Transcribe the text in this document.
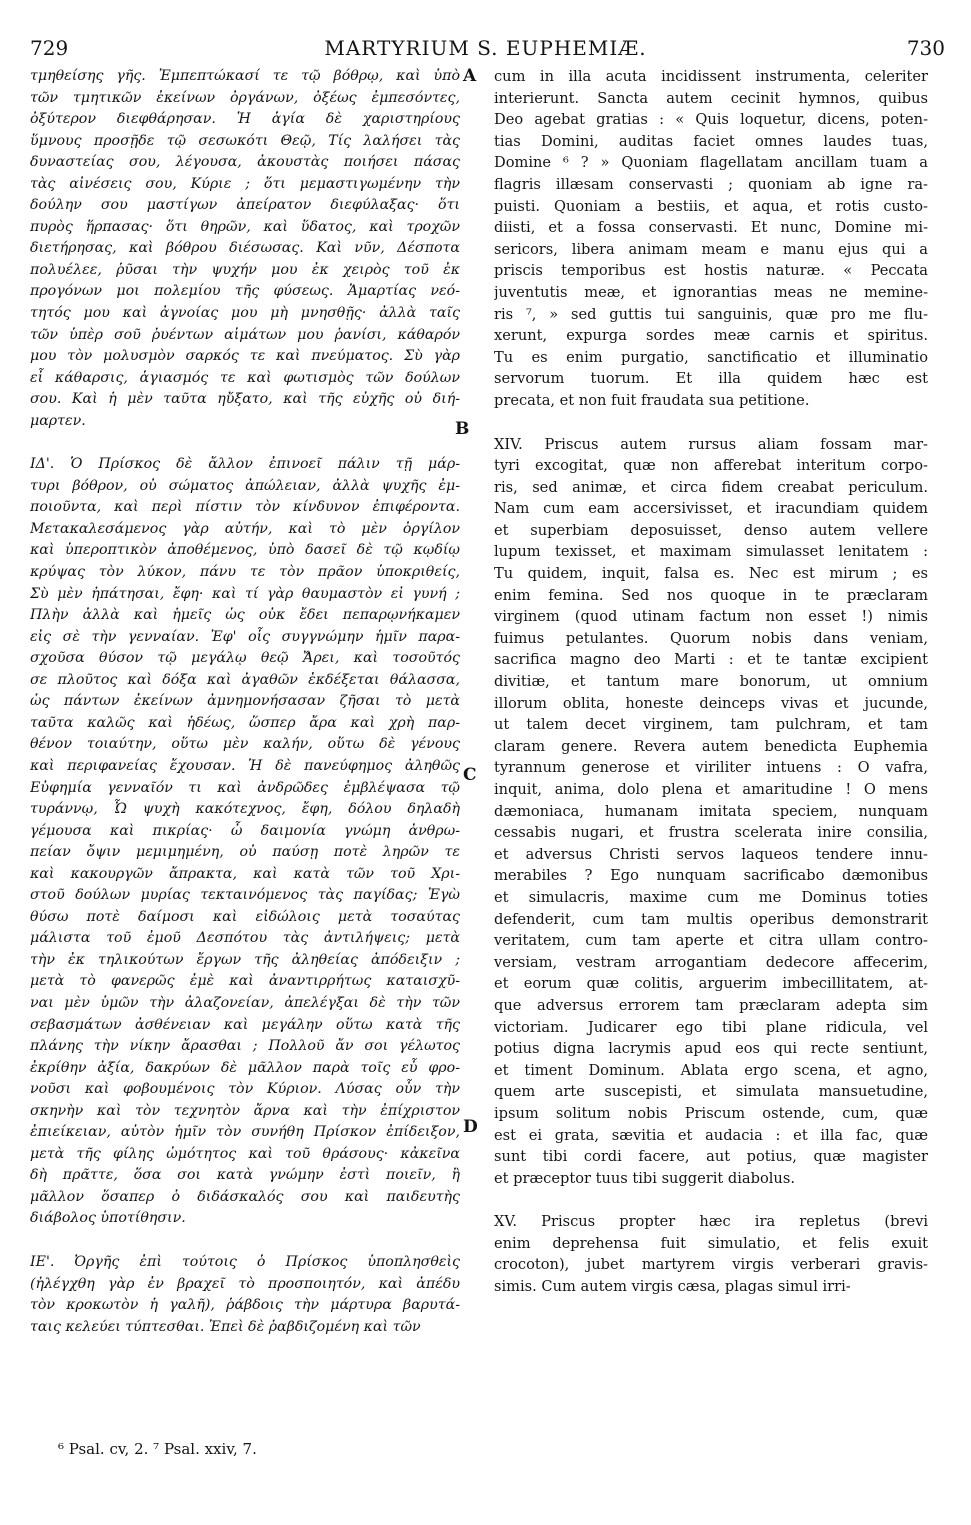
729	MARTYRIUM S. EUPHEMIÆ.	730
τμηθείσης γῆς. Ἐμπεπτώκασί τε τῷ βόθρῳ, καὶ ὑπὸ
τῶν τμητικῶν ἐκείνων ὀργάνων, ὀξέως ἐμπεσόντες,
ὀξύτερον διεφθάρησαν. Ἡ ἁγία δὲ χαριστηρίους
ὕμνους προσῇδε τῷ σεσωκότι Θεῷ, Τίς λαλήσει τὰς
δυναστείας σου, λέγουσα, ἀκουστὰς ποιήσει πάσας
τὰς αἰνέσεις σου, Κύριε ; ὅτι μεμαστιγωμένην τὴν
δούλην σου μαστίγων ἀπείρατον διεφύλαξας· ὅτι
πυρὸς ἥρπασας· ὅτι θηρῶν, καὶ ὕδατος, καὶ τροχῶν
διετήρησας, καὶ βόθρου διέσωσας. Καὶ νῦν, Δέσποτα
πολυέλεε, ῥῦσαι τὴν ψυχήν μου ἐκ χειρὸς τοῦ ἐκ
προγόνων μοι πολεμίου τῆς φύσεως. Ἁμαρτίας νεό-
τητός μου καὶ ἀγνοίας μου μὴ μνησθῇς· ἀλλὰ ταῖς
τῶν ὑπὲρ σοῦ ῥυέντων αἱμάτων μου ῥανίσι, κάθαρόν
μου τὸν μολυσμὸν σαρκός τε καὶ πνεύματος. Σὺ γὰρ
εἶ κάθαρσις, ἁγιασμός τε καὶ φωτισμὸς τῶν δούλων
σου. Καὶ ἡ μὲν ταῦτα ηὔξατο, καὶ τῆς εὐχῆς οὐ διή-
μαρτεν.
ΙΔ'. Ὁ Πρίσκος δὲ ἄλλον ἐπινοεῖ πάλιν τῇ μάρ-
τυρι βόθρον, οὐ σώματος ἀπώλειαν, ἀλλὰ ψυχῆς ἐμ-
ποιοῦντα, καὶ περὶ πίστιν τὸν κίνδυνον ἐπιφέροντα.
Μετακαλεσάμενος γὰρ αὐτήν, καὶ τὸ μὲν ὀργίλον
καὶ ὑπεροπτικὸν ἀποθέμενος, ὑπὸ δασεῖ δὲ τῷ κῳδίῳ
κρύψας τὸν λύκον, πάνυ τε τὸν πρᾶον ὑποκριθείς,
Σὺ μὲν ἠπάτησαι, ἔφη· καὶ τί γὰρ θαυμαστὸν εἰ γυνή ;
Πλὴν ἀλλὰ καὶ ἡμεῖς ὡς οὐκ ἔδει πεπαρῳνήκαμεν
εἰς σὲ τὴν γενναίαν. Ἐφ' οἷς συγγνώμην ἡμῖν παρα-
σχοῦσα θύσον τῷ μεγάλῳ θεῷ Ἄρει, καὶ τοσοῦτός
σε πλοῦτος καὶ δόξα καὶ ἀγαθῶν ἐκδέξεται θάλασσα,
ὡς πάντων ἐκείνων ἀμνημονήσασαν ζῆσαι τὸ μετὰ
ταῦτα καλῶς καὶ ἡδέως, ὥσπερ ἄρα καὶ χρὴ παρ-
θένον τοιαύτην, οὕτω μὲν καλήν, οὕτω δὲ γένους
καὶ περιφανείας ἔχουσαν. Ἡ δὲ πανεύφημος ἀληθῶς
Εὐφημία γενναῖόν τι καὶ ἀνδρῶδες ἐμβλέψασα τῷ
τυράννῳ, Ὦ ψυχὴ κακότεχνος, ἔφη, δόλου δηλαδὴ
γέμουσα καὶ πικρίας· ὦ δαιμονία γνώμη ἀνθρω-
πείαν ὄψιν μεμιμημένη, οὐ παύσῃ ποτὲ ληρῶν τε
καὶ κακουργῶν ἄπρακτα, καὶ κατὰ τῶν τοῦ Χρι-
στοῦ δούλων μυρίας τεκταινόμενος τὰς παγίδας; Ἐγὼ
θύσω ποτὲ δαίμοσι καὶ εἰδώλοις μετὰ τοσαύτας
μάλιστα τοῦ ἐμοῦ Δεσπότου τὰς ἀντιλήψεις; μετὰ
τὴν ἐκ τηλικούτων ἔργων τῆς ἀληθείας ἀπόδειξιν ;
μετὰ τὸ φανερῶς ἐμὲ καὶ ἀναντιρρήτως καταισχῦ-
ναι μὲν ὑμῶν τὴν ἀλαζονείαν, ἀπελέγξαι δὲ τὴν τῶν
σεβασμάτων ἀσθένειαν καὶ μεγάλην οὕτω κατὰ τῆς
πλάνης τὴν νίκην ἄρασθαι ; Πολλοῦ ἄν σοι γέλωτος
ἐκρίθην ἀξία, δακρύων δὲ μᾶλλον παρὰ τοῖς εὖ φρο-
νοῦσι καὶ φοβουμένοις τὸν Κύριον. Λύσας οὖν τὴν
σκηνὴν καὶ τὸν τεχνητὸν ἄρνα καὶ τὴν ἐπίχριστον
ἐπιείκειαν, αὐτὸν ἡμῖν τὸν συνήθη Πρίσκον ἐπίδειξον,
μετὰ τῆς φίλης ὠμότητος καὶ τοῦ θράσους· κἀκεῖνα
δὴ πρᾶττε, ὅσα σοι κατὰ γνώμην ἐστὶ ποιεῖν, ἢ
μᾶλλον ὅσαπερ ὁ διδάσκαλός σου καὶ παιδευτὴς
διάβολος ὑποτίθησιν.
ΙΕ'. Ὀργῆς ἐπὶ τούτοις ὁ Πρίσκος ὑποπλησθεὶς
(ἠλέγχθη γὰρ ἐν βραχεῖ τὸ προσποιητόν, καὶ ἀπέδυ
τὸν κροκωτὸν ἡ γαλῆ), ῥάβδοις τὴν μάρτυρα βαρυτά-
ταις κελεύει τύπτεσθαι. Ἐπεὶ δὲ ῥαβδιζομένη καὶ τῶν
cum in illa acuta incidissent instrumenta, celeriter
interierunt. Sancta autem cecinit hymnos, quibus
Deo agebat gratias : « Quis loquetur, dicens, poten-
tias Domini, auditas faciet omnes laudes tuas,
Domine ⁶ ? » Quoniam flagellatam ancillam tuam a
flagris illæsam conservasti ; quoniam ab igne ra-
puisti. Quoniam a bestiis, et aqua, et rotis custo-
diisti, et a fossa conservasti. Et nunc, Domine mi-
sericors, libera animam meam e manu ejus qui a
priscis temporibus est hostis naturæ. « Peccata
juventutis meæ, et ignorantias meas ne memine-
ris ⁷, » sed guttis tui sanguinis, quæ pro me flu-
xerunt, expurga sordes meæ carnis et spiritus.
Tu es enim purgatio, sanctificatio et illuminatio
servorum tuorum. Et illa quidem hæc est
precata, et non fuit fraudata sua petitione.
XIV. Priscus autem rursus aliam fossam mar-
tyri excogitat, quæ non afferebat interitum corpo-
ris, sed animæ, et circa fidem creabat periculum.
Nam cum eam accersivisset, et iracundiam quidem
et superbiam deposuisset, denso autem vellere
lupum texisset, et maximam simulasset lenitatem :
Tu quidem, inquit, falsa es. Nec est mirum ; es
enim femina. Sed nos quoque in te præclaram
virginem (quod utinam factum non esset !) nimis
fuimus petulantes. Quorum nobis dans veniam,
sacrifica magno deo Marti : et te tantæ excipient
divitiæ, et tantum mare bonorum, ut omnium
illorum oblita, honeste deinceps vivas et jucunde,
ut talem decet virginem, tam pulchram, et tam
claram genere. Revera autem benedicta Euphemia
tyrannum generose et viriliter intuens : O vafra,
inquit, anima, dolo plena et amaritudine ! O mens
dæmoniaca, humanam imitata speciem, nunquam
cessabis nugari, et frustra scelerata inire consilia,
et adversus Christi servos laqueos tendere innu-
merabiles ? Ego nunquam sacrificabo dæmonibus
et simulacris, maxime cum me Dominus toties
defenderit, cum tam multis operibus demonstrarit
veritatem, cum tam aperte et citra ullam contro-
versiam, vestram arrogantiam dedecore affecerim,
et eorum quæ colitis, arguerim imbecillitatem, at-
que adversus errorem tam præclaram adepta sim
victoriam. Judicarer ego tibi plane ridicula, vel
potius digna lacrymis apud eos qui recte sentiunt,
et timent Dominum. Ablata ergo scena, et agno,
quem arte suscepisti, et simulata mansuetudine,
ipsum solitum nobis Priscum ostende, cum, quæ
est ei grata, sævitia et audacia : et illa fac, quæ
sunt tibi cordi facere, aut potius, quæ magister
et præceptor tuus tibi suggerit diabolus.
XV. Priscus propter hæc ira repletus (brevi
enim deprehensa fuit simulatio, et felis exuit
crocoton), jubet martyrem virgis verberari gravis-
simis. Cum autem virgis cæsa, plagas simul irri-
A
B
C
D
⁶ Psal. cv, 2. ⁷ Psal. xxiv, 7.
